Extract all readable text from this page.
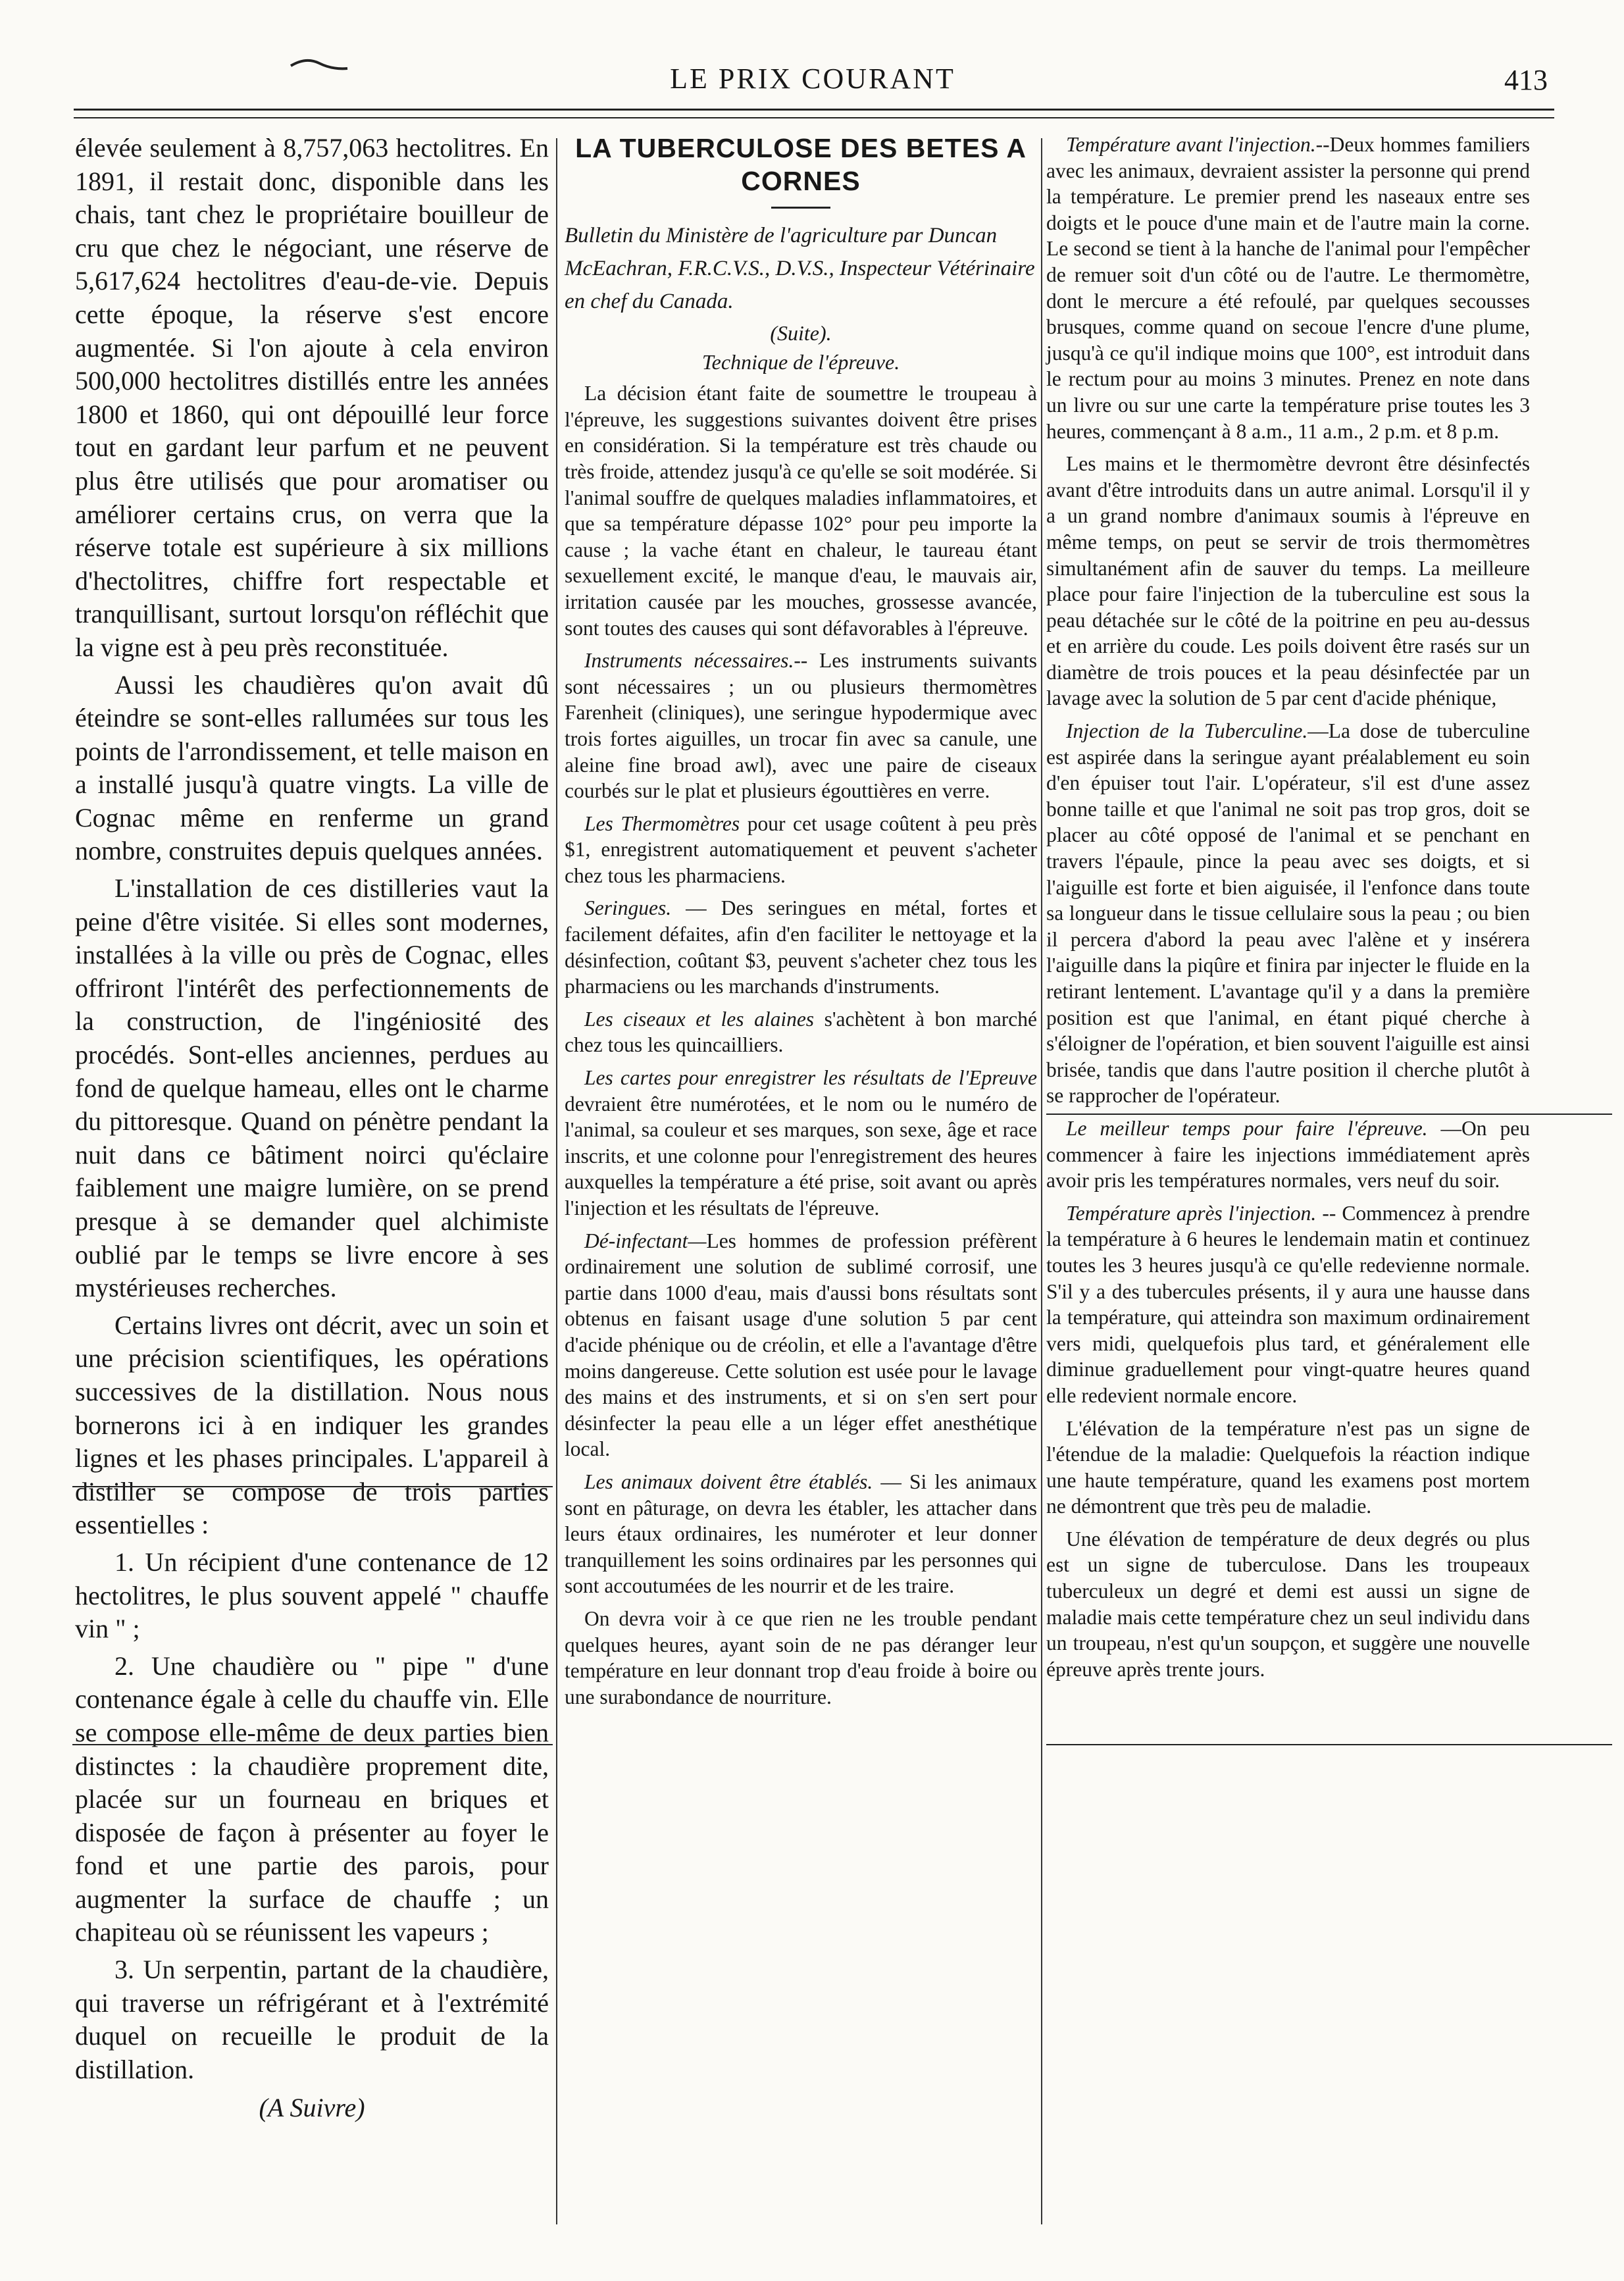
LE PRIX COURANT	413

élevée seulement à 8,757,063 hectolitres. En 1891, il restait donc, disponible dans les chais, tant chez le propriétaire bouilleur de cru que chez le négociant, une réserve de 5,617,624 hectolitres d'eau-de-vie. Depuis cette époque, la réserve s'est encore augmentée. Si l'on ajoute à cela environ 500,000 hectolitres distillés entre les années 1800 et 1860, qui ont dépouillé leur force tout en gardant leur parfum et ne peuvent plus être utilisés que pour aromatiser ou améliorer certains crus, on verra que la réserve totale est supérieure à six millions d'hectolitres, chiffre fort respectable et tranquillisant, surtout lorsqu'on réfléchit que la vigne est à peu près reconstituée.

Aussi les chaudières qu'on avait dû éteindre se sont-elles rallumées sur tous les points de l'arrondissement, et telle maison en a installé jusqu'à quatre vingts. La ville de Cognac même en renferme un grand nombre, construites depuis quelques années.

L'installation de ces distilleries vaut la peine d'être visitée. Si elles sont modernes, installées à la ville ou près de Cognac, elles offriront l'intérêt des perfectionnements de la construction, de l'ingéniosité des procédés. Sont-elles anciennes, perdues au fond de quelque hameau, elles ont le charme du pittoresque. Quand on pénètre pendant la nuit dans ce bâtiment noirci qu'éclaire faiblement une maigre lumière, on se prend presque à se demander quel alchimiste oublié par le temps se livre encore à ses mystérieuses recherches.

Certains livres ont décrit, avec un soin et une précision scientifiques, les opérations successives de la distillation. Nous nous bornerons ici à en indiquer les grandes lignes et les phases principales. L'appareil à distiller se compose de trois parties essentielles :

1. Un récipient d'une contenance de 12 hectolitres, le plus souvent appelé " chauffe vin " ;

2. Une chaudière ou " pipe " d'une contenance égale à celle du chauffe vin. Elle se compose elle-même de deux parties bien distinctes : la chaudière proprement dite, placée sur un fourneau en briques et disposée de façon à présenter au foyer le fond et une partie des parois, pour augmenter la surface de chauffe ; un chapiteau où se réunissent les vapeurs ;

3. Un serpentin, partant de la chaudière, qui traverse un réfrigérant et à l'extrémité duquel on recueille le produit de la distillation.

(A Suivre)
LA TUBERCULOSE DES BETES A CORNES
Bulletin du Ministère de l'agriculture par Duncan McEachran, F.R.C.V.S., D.V.S., Inspecteur Vétérinaire en chef du Canada.
(Suite).
Technique de l'épreuve.

La décision étant faite de soumettre le troupeau à l'épreuve, les suggestions suivantes doivent être prises en considération. Si la température est très chaude ou très froide, attendez jusqu'à ce qu'elle se soit modérée. Si l'animal souffre de quelques maladies inflammatoires, et que sa température dépasse 102° pour peu importe la cause ; la vache étant en chaleur, le taureau étant sexuellement excité, le manque d'eau, le mauvais air, irritation causée par les mouches, grossesse avancée, sont toutes des causes qui sont défavorables à l'épreuve.

Instruments nécessaires.-- Les instruments suivants sont nécessaires ; un ou plusieurs thermomètres Farenheit (cliniques), une seringue hypodermique avec trois fortes aiguilles, un trocar fin avec sa canule, une aleine fine broad awl), avec une paire de ciseaux courbés sur le plat et plusieurs égouttières en verre.

Les Thermomètres pour cet usage coûtent à peu près $1, enregistrent automatiquement et peuvent s'acheter chez tous les pharmaciens.

Seringues. — Des seringues en métal, fortes et facilement défaites, afin d'en faciliter le nettoyage et la désinfection, coûtant $3, peuvent s'acheter chez tous les pharmaciens ou les marchands d'instruments.

Les ciseaux et les alaines s'achètent à bon marché chez tous les quincailliers.

Les cartes pour enregistrer les résultats de l'Epreuve devraient être numérotées, et le nom ou le numéro de l'animal, sa couleur et ses marques, son sexe, âge et race inscrits, et une colonne pour l'enregistrement des heures auxquelles la température a été prise, soit avant ou après l'injection et les résultats de l'épreuve.

Dé-infectant—Les hommes de profession préfèrent ordinairement une solution de sublimé corrosif, une partie dans 1000 d'eau, mais d'aussi bons résultats sont obtenus en faisant usage d'une solution 5 par cent d'acide phénique ou de créolin, et elle a l'avantage d'être moins dangereuse. Cette solution est usée pour le lavage des mains et des instruments, et si on s'en sert pour désinfecter la peau elle a un léger effet anesthétique local.

Les animaux doivent être établés. — Si les animaux sont en pâturage, on devra les établer, les attacher dans leurs étaux ordinaires, les numéroter et leur donner tranquillement les soins ordinaires par les personnes qui sont accoutumées de les nourrir et de les traire.

On devra voir à ce que rien ne les trouble pendant quelques heures, ayant soin de ne pas déranger leur température en leur donnant trop d'eau froide à boire ou une surabondance de nourriture.

Température avant l'injection.--Deux hommes familiers avec les animaux, devraient assister la personne qui prend la température. Le premier prend les naseaux entre ses doigts et le pouce d'une main et de l'autre main la corne. Le second se tient à la hanche de l'animal pour l'empêcher de remuer soit d'un côté ou de l'autre. Le thermomètre, dont le mercure a été refoulé, par quelques secousses brusques, comme quand on secoue l'encre d'une plume, jusqu'à ce qu'il indique moins que 100°, est introduit dans le rectum pour au moins 3 minutes. Prenez en note dans un livre ou sur une carte la température prise toutes les 3 heures, commençant à 8 a.m., 11 a.m., 2 p.m. et 8 p.m.

Les mains et le thermomètre devront être désinfectés avant d'être introduits dans un autre animal. Lorsqu'il il y a un grand nombre d'animaux soumis à l'épreuve en même temps, on peut se servir de trois thermomètres simultanément afin de sauver du temps. La meilleure place pour faire l'injection de la tuberculine est sous la peau détachée sur le côté de la poitrine en peu au-dessus et en arrière du coude. Les poils doivent être rasés sur un diamètre de trois pouces et la peau désinfectée par un lavage avec la solution de 5 par cent d'acide phénique,

Injection de la Tuberculine.—La dose de tuberculine est aspirée dans la seringue ayant préalablement eu soin d'en épuiser tout l'air. L'opérateur, s'il est d'une assez bonne taille et que l'animal ne soit pas trop gros, doit se placer au côté opposé de l'animal et se penchant en travers l'épaule, pince la peau avec ses doigts, et si l'aiguille est forte et bien aiguisée, il l'enfonce dans toute sa longueur dans le tissue cellulaire sous la peau ; ou bien il percera d'abord la peau avec l'alène et y insérera l'aiguille dans la piqûre et finira par injecter le fluide en la retirant lentement. L'avantage qu'il y a dans la première position est que l'animal, en étant piqué cherche à s'éloigner de l'opération, et bien souvent l'aiguille est ainsi brisée, tandis que dans l'autre position il cherche plutôt à se rapprocher de l'opérateur.

Le meilleur temps pour faire l'épreuve. —On peu commencer à faire les injections immédiatement après avoir pris les températures normales, vers neuf du soir.

Température après l'injection. -- Commencez à prendre la température à 6 heures le lendemain matin et continuez toutes les 3 heures jusqu'à ce qu'elle redevienne normale. S'il y a des tubercules présents, il y aura une hausse dans la température, qui atteindra son maximum ordinairement vers midi, quelquefois plus tard, et généralement elle diminue graduellement pour vingt-quatre heures quand elle redevient normale encore.

L'élévation de la température n'est pas un signe de l'étendue de la maladie: Quelquefois la réaction indique une haute température, quand les examens post mortem ne démontrent que très peu de maladie.

Une élévation de température de deux degrés ou plus est un signe de tuberculose. Dans les troupeaux tuberculeux un degré et demi est aussi un signe de maladie mais cette température chez un seul individu dans un troupeau, n'est qu'un soupçon, et suggère une nouvelle épreuve après trente jours.
